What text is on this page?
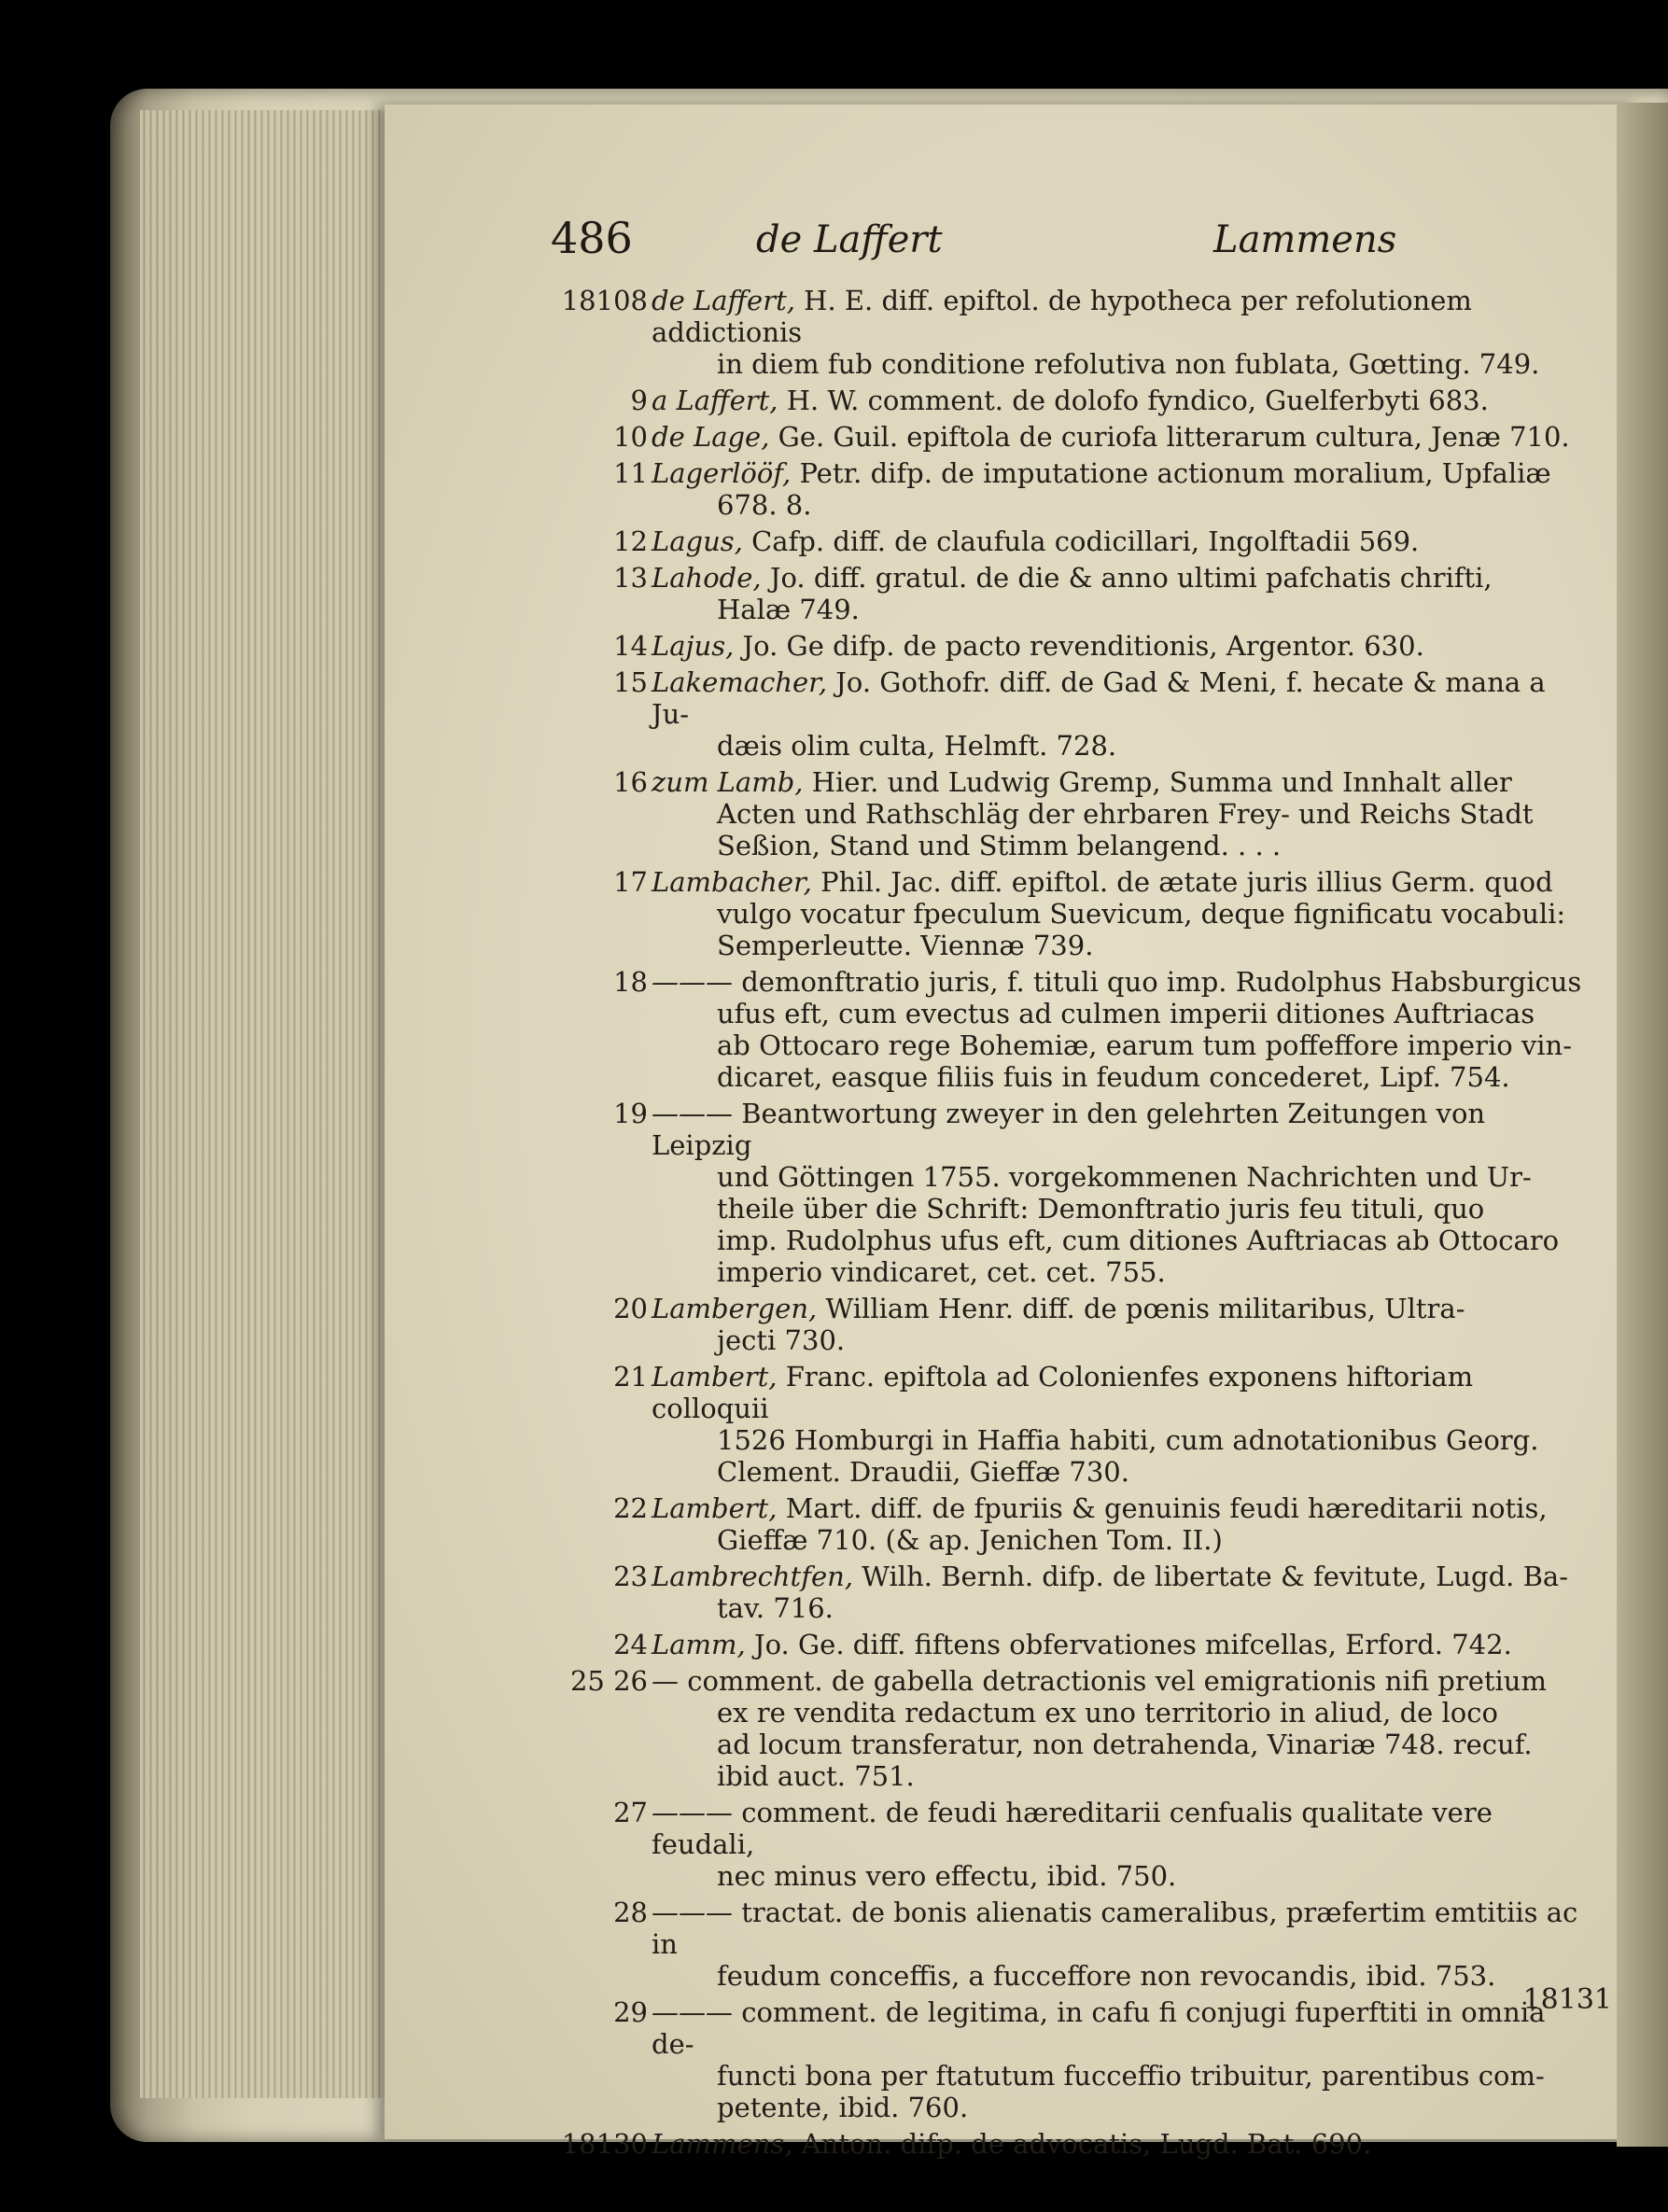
486	de Laffert	Lammens
18108 de Laffert, H. E. diff. epiftol. de hypotheca per refolutionem addictionis
in diem fub conditione refolutiva non fublata, Gœtting. 749.
9 a Laffert, H. W. comment. de dolofo fyndico, Guelferbyti 683.
10 de Lage, Ge. Guil. epiftola de curiofa litterarum cultura, Jenæ 710.
11 Lagerlööf, Petr. difp. de imputatione actionum moralium, Upfaliæ
678. 8.
12 Lagus, Cafp. diff. de claufula codicillari, Ingolftadii 569.
13 Lahode, Jo. diff. gratul. de die & anno ultimi pafchatis chrifti,
Halæ 749.
14 Lajus, Jo. Ge difp. de pacto revenditionis, Argentor. 630.
15 Lakemacher, Jo. Gothofr. diff. de Gad & Meni, f. hecate & mana a Ju-
dæis olim culta, Helmft. 728.
16 zum Lamb, Hier. und Ludwig Gremp, Summa und Innhalt aller
Acten und Rathschläg der ehrbaren Frey- und Reichs Stadt
Seßion, Stand und Stimm belangend. . . .
17 Lambacher, Phil. Jac. diff. epiftol. de ætate juris illius Germ. quod
vulgo vocatur fpeculum Suevicum, deque fignificatu vocabuli:
Semperleutte. Viennæ 739.
18 ——— demonftratio juris, f. tituli quo imp. Rudolphus Habsburgicus
ufus eft, cum evectus ad culmen imperii ditiones Auftriacas
ab Ottocaro rege Bohemiæ, earum tum poffeffore imperio vin-
dicaret, easque filiis fuis in feudum concederet, Lipf. 754.
19 ——— Beantwortung zweyer in den gelehrten Zeitungen von Leipzig
und Göttingen 1755. vorgekommenen Nachrichten und Ur-
theile über die Schrift: Demonftratio juris feu tituli, quo
imp. Rudolphus ufus eft, cum ditiones Auftriacas ab Ottocaro
imperio vindicaret, cet. cet. 755.
20 Lambergen, William Henr. diff. de pœnis militaribus, Ultra-
jecti 730.
21 Lambert, Franc. epiftola ad Colonienfes exponens hiftoriam colloquii
1526 Homburgi in Haffia habiti, cum adnotationibus Georg.
Clement. Draudii, Gieffæ 730.
22 Lambert, Mart. diff. de fpuriis & genuinis feudi hæreditarii notis,
Gieffæ 710. (& ap. Jenichen Tom. II.)
23 Lambrechtfen, Wilh. Bernh. difp. de libertate & fevitute, Lugd. Ba-
tav. 716.
24 Lamm, Jo. Ge. diff. fiftens obfervationes mifcellas, Erford. 742.
25 26 — comment. de gabella detractionis vel emigrationis nifi pretium
ex re vendita redactum ex uno territorio in aliud, de loco
ad locum transferatur, non detrahenda, Vinariæ 748. recuf.
ibid auct. 751.
27 ——— comment. de feudi hæreditarii cenfualis qualitate vere feudali,
nec minus vero effectu, ibid. 750.
28 ——— tractat. de bonis alienatis cameralibus, præfertim emtitiis ac in
feudum conceffis, a fucceffore non revocandis, ibid. 753.
29 ——— comment. de legitima, in cafu fi conjugi fuperftiti in omnia de-
functi bona per ftatutum fucceffio tribuitur, parentibus com-
petente, ibid. 760.
18130 Lammens, Anton. difp. de advocatis, Lugd. Bat. 690.
18131
